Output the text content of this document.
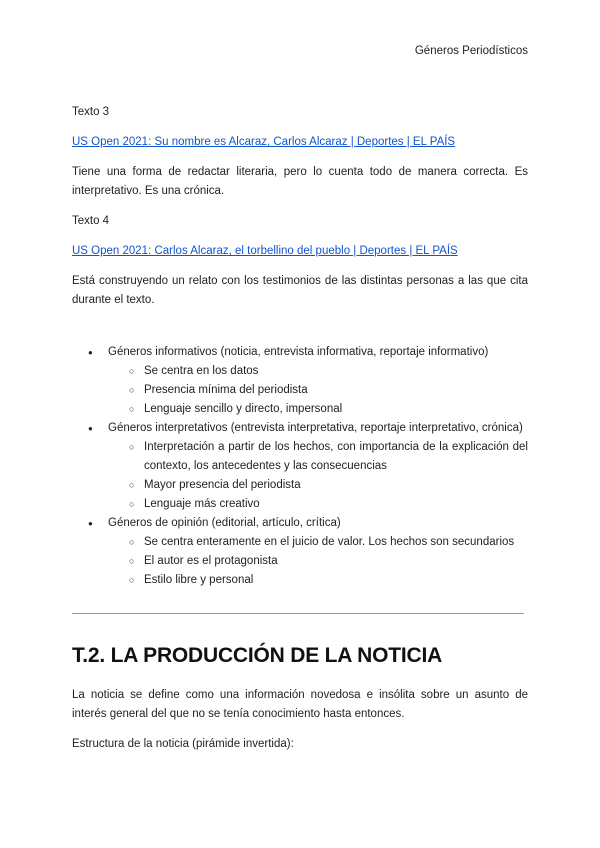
Géneros Periodísticos

Texto 3

US Open 2021: Su nombre es Alcaraz, Carlos Alcaraz | Deportes | EL PAÍS

Tiene una forma de redactar literaria, pero lo cuenta todo de manera correcta. Es interpretativo. Es una crónica.

Texto 4

US Open 2021: Carlos Alcaraz, el torbellino del pueblo | Deportes | EL PAÍS

Está construyendo un relato con los testimonios de las distintas personas a las que cita durante el texto.

● Géneros informativos (noticia, entrevista informativa, reportaje informativo)
○ Se centra en los datos
○ Presencia mínima del periodista
○ Lenguaje sencillo y directo, impersonal
● Géneros interpretativos (entrevista interpretativa, reportaje interpretativo, crónica)
○ Interpretación a partir de los hechos, con importancia de la explicación del contexto, los antecedentes y las consecuencias
○ Mayor presencia del periodista
○ Lenguaje más creativo
● Géneros de opinión (editorial, artículo, crítica)
○ Se centra enteramente en el juicio de valor. Los hechos son secundarios
○ El autor es el protagonista
○ Estilo libre y personal
T.2. LA PRODUCCIÓN DE LA NOTICIA

La noticia se define como una información novedosa e insólita sobre un asunto de interés general del que no se tenía conocimiento hasta entonces.

Estructura de la noticia (pirámide invertida):
